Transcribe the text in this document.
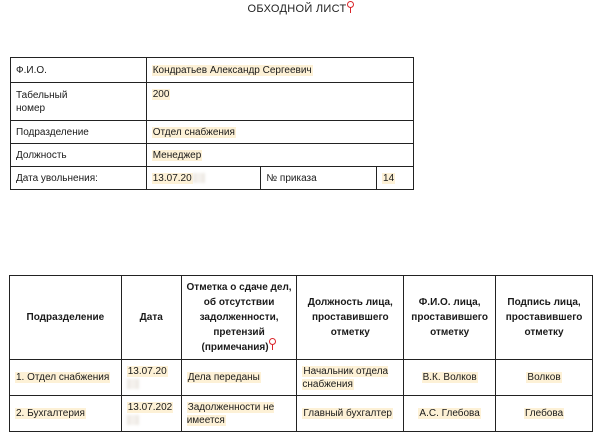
ОБХОДНОЙ ЛИСТ
Ф.И.О.	Кондратьев Александр Сергеевич		
Табельный
номер	200		
Подразделение	Отдел снабжения		
Должность	Менеджер		
Дата увольнения:	13.07.20	№ приказа	14
Подразделение	Дата	Отметка о сдаче дел, об отсутствии задолженности, претензий (примечания)	Должность лица, проставившего отметку	Ф.И.О. лица, проставившего отметку	Подпись лица, проставившего отметку
1. Отдел снабжения	13.07.20	Дела переданы	Начальник отдела снабжения	В.К. Волков	Волков
2. Бухгалтерия	13.07.202	Задолженности не имеется	Главный бухгалтер	А.С. Глебова	Глебова
